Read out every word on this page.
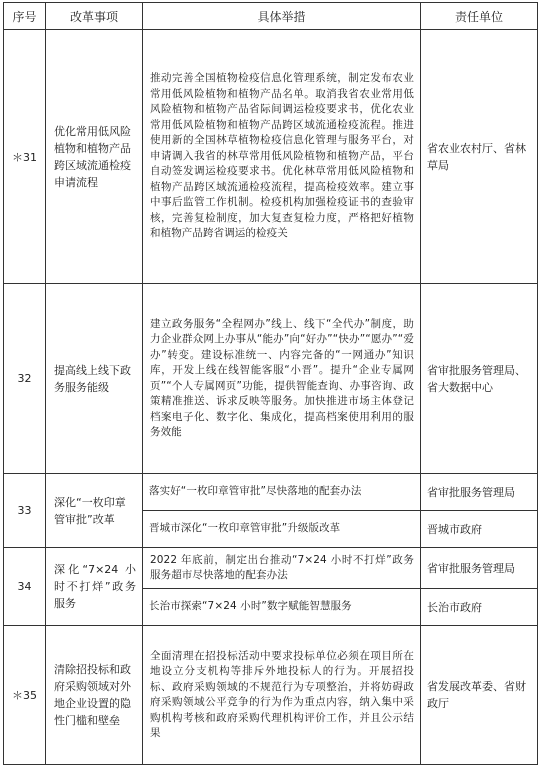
序号	改革事项	具体举措	责任单位
＊31	优化常用低风险植物和植物产品跨区域流通检疫申请流程	推动完善全国植物检疫信息化管理系统，制定发布农业常用低风险植物和植物产品名单。取消我省农业常用低风险植物和植物产品省际间调运检疫要求书，优化农业常用低风险植物和植物产品跨区域流通检疫流程。推进使用新的全国林草植物检疫信息化管理与服务平台，对申请调入我省的林草常用低风险植物和植物产品，平台自动签发调运检疫要求书。优化林草常用低风险植物和植物产品跨区域流通检疫流程，提高检疫效率。建立事中事后监管工作机制。检疫机构加强检疫证书的查验审核，完善复检制度，加大复查复检力度，严格把好植物和植物产品跨省调运的检疫关	省农业农村厅、省林草局
32	提高线上线下政务服务能级	建立政务服务“全程网办”线上、线下“全代办”制度，助力企业群众网上办事从“能办”向“好办”“快办”“愿办”“爱办”转变。建设标准统一、内容完备的“一网通办”知识库，开发上线在线智能客服“小晋”。提升“企业专属网页”“个人专属网页”功能，提供智能查询、办事咨询、政策精准推送、诉求反映等服务。加快推进市场主体登记档案电子化、数字化、集成化，提高档案使用利用的服务效能	省审批服务管理局、省大数据中心
33	深化“一枚印章管审批”改革	落实好“一枚印章管审批”尽快落地的配套办法	省审批服务管理局
		晋城市深化“一枚印章管审批”升级版改革	晋城市政府
34	深化“7×24 小时不打烊”政务服务	2022 年底前，制定出台推动“7×24 小时不打烊”政务服务超市尽快落地的配套办法	省审批服务管理局
		长治市探索“7×24 小时”数字赋能智慧服务	长治市政府
＊35	清除招投标和政府采购领域对外地企业设置的隐性门槛和壁垒	全面清理在招投标活动中要求投标单位必须在项目所在地设立分支机构等排斥外地投标人的行为。开展招投标、政府采购领域的不规范行为专项整治，并将妨碍政府采购领域公平竞争的行为作为重点内容，纳入集中采购机构考核和政府采购代理机构评价工作，并且公示结果	省发展改革委、省财政厅
